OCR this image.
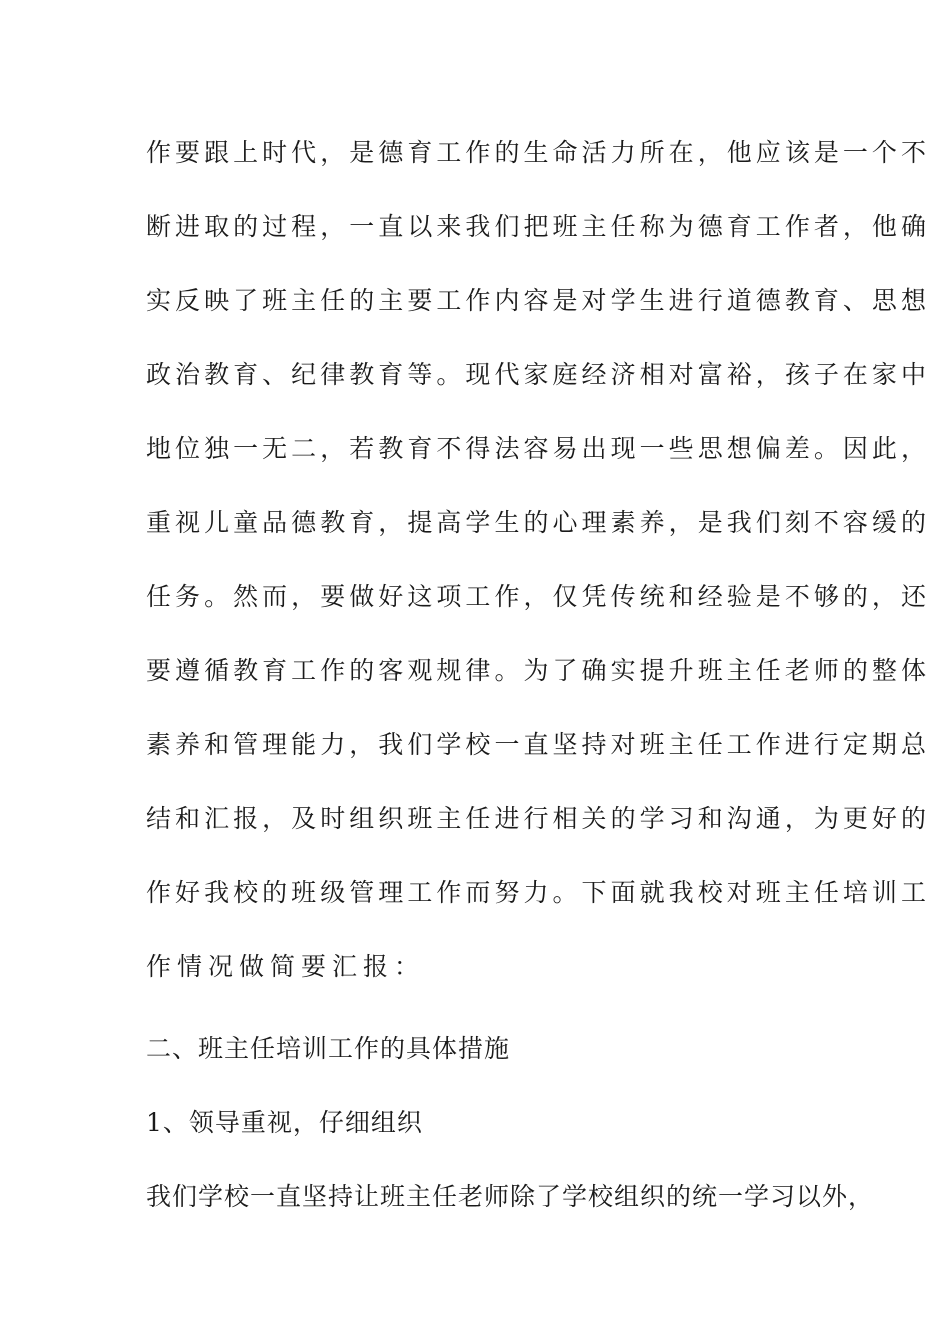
作要跟上时代，是德育工作的生命活力所在，他应该是一个不
断进取的过程，一直以来我们把班主任称为德育工作者，他确
实反映了班主任的主要工作内容是对学生进行道德教育、思想
政治教育、纪律教育等。现代家庭经济相对富裕，孩子在家中
地位独一无二，若教育不得法容易出现一些思想偏差。因此，
重视儿童品德教育，提高学生的心理素养，是我们刻不容缓的
任务。然而，要做好这项工作，仅凭传统和经验是不够的，还
要遵循教育工作的客观规律。为了确实提升班主任老师的整体
素养和管理能力，我们学校一直坚持对班主任工作进行定期总
结和汇报，及时组织班主任进行相关的学习和沟通，为更好的
作好我校的班级管理工作而努力。下面就我校对班主任培训工
作情况做简要汇报：
二、班主任培训工作的具体措施
1、领导重视，仔细组织
我们学校一直坚持让班主任老师除了学校组织的统一学习以外，
